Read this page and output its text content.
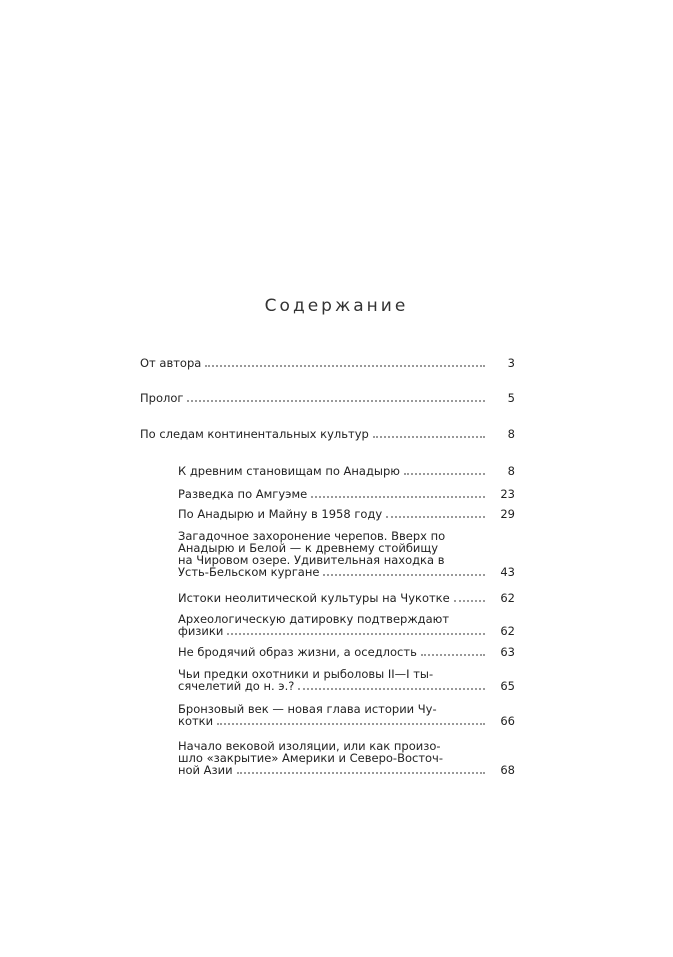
Содержание
От автора	3
Пролог	5
По следам континентальных культур	8
К древним становищам по Анадырю	8
Разведка по Амгуэме	23
По Анадырю и Майну в 1958 году	29
Загадочное захоронение черепов. Вверх по
Анадырю и Белой — к древнему стойбищу
на Чировом озере. Удивительная находка в
Усть-Бельском кургане	43
Истоки неолитической культуры на Чукотке	62
Археологическую датировку подтверждают
физики	62
Не бродячий образ жизни, а оседлость	63
Чьи предки охотники и рыболовы II—I ты-
сячелетий до н. э.?	65
Бронзовый век — новая глава истории Чу-
котки	66
Начало вековой изоляции, или как произо-
шло «закрытие» Америки и Северо-Восточ-
ной Азии	68
